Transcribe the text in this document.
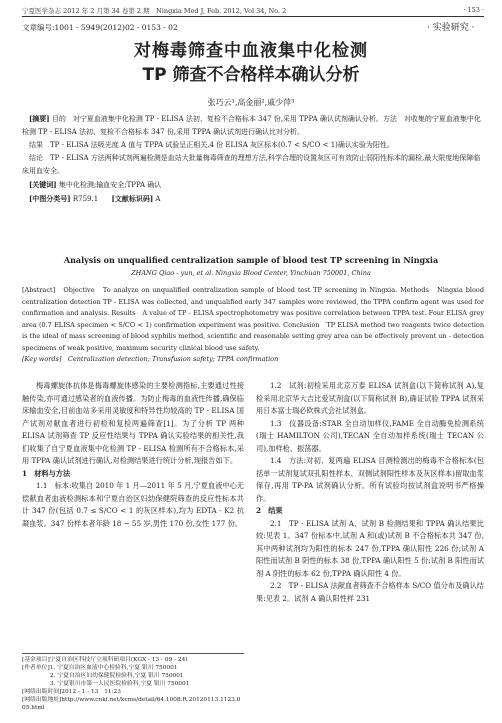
宁夏医学杂志 2012 年 2 月第 34 卷第 2 期　Ningxia Med J, Feb. 2012, Vol 34, No. 2	· 153 ·
文章编号:1001 - 5949(2012)02 - 0153 - 02	· 实验研究 ·
对梅毒筛查中血液集中化检测
TP 筛查不合格样本确认分析
张巧云¹,高金丽²,戚少萍³

[摘要] 目的　对宁夏血液集中化检测 TP - ELISA 法初、复检不合格标本 347 份,采用 TPPA 确认试剂确认分析。方法　对收集的宁夏血液集中化检测 TP - ELISA 法初、复检不合格标本 347 份,采用 TPPA 确认试剂进行确认比对分析。

结果　TP - ELISA 法吸光度 A 值与 TPPA 试验呈正相关,4 份 ELISA 灰区标本(0.7 < S/CO < 1)确认实验为阳性。

结论　TP - ELISA 方法两种试剂两遍检测是血站大批量梅毒筛查的理想方法,科学合理的设置灰区可有效防止弱阳性标本的漏检,最大限度地保障临床用血安全。

[关键词] 集中化检测;输血安全;TPPA 确认

[中图分类号] R759.1 [文献标识码] A

Analysis on unqualified centralization sample of blood test TP screening in Ningxia
ZHANG Qiao - yun, et al. Ningxia Blood Center, Yinchuan 750001, China
[Abstract]　Objective　To analyze on unqualified centralization sample of blood test TP screening in Ningxia. Methods　Ningxia blood centralization detection TP - ELISA was collected, and unqualified early 347 samples were reviewed, the TPPA confirm agent was used for confirmation and analysis. Results　A value of TP - ELISA spectrophotometry was positive correlation between TPPA test. Four ELISA grey area (0.7 ELISA specimen < S/CO < 1) confirmation experiment was positive. Conclusion　TP ELISA method two reagents twice detection is the ideal of mass screening of blood syphilis method, scientific and reasonable setting grey area can be effectively prevent un - detection specimens of weak positive, maximum security clinical blood use safety.
[Key words]　Centralization detection; Transfusion safety; TPPA confirmation

梅毒螺旋体抗体是梅毒螺旋体感染的主要检测指标,主要通过性接触传染,亦可通过感染者的血液传播。为防止梅毒的血液性传播,确保临床输血安全,目前血站多采用灵敏度和特异性均较高的 TP - ELISA 国产试剂对献血者进行初检和复检两遍筛查[1]。为了分析 TP 两种 ELISA 试剂筛查 TP 反应性结果与 TPPA 确认实验结果的相关性,我们收集了自宁夏血液集中化检测 TP - ELISA 检测所有不合格标本,采用 TPPA 确认试剂进行确认,对检测结果进行统计分析,现报告如下。

1　材料与方法

1.1　标本:收集自 2010 年 1 月—2011 年 5 月,宁夏血液中心无偿献血者血液检测标本和宁夏自治区妇幼保健院筛查的反应性标本共计 347 份(包括 0.7 ≤ S/CO < 1 的灰区样本),均为 EDTA - K2 抗凝血浆。347 份样本者年龄 18 ~ 55 岁,男性 170 份,女性 177 份。

[基金项目]宁夏自治区科技厅立项科研项目(KGX - 13 - 09 - 24)
[作者单位]1. 宁夏自治区血液中心检验科,宁夏 银川 750001
2. 宁夏自治区妇幼保健院检验科,宁夏 银川 750001
3. 宁夏银川市第一人民医院检验科,宁夏 银川 750001
[网络出版时间]2012 - 1 - 13　11:23
[网络出版地址]http://www.cnki.net/kcms/detail/64.1008.R.20120113.1123.005.html

1.2　试剂:初检采用北京万泰 ELISA 试剂盒(以下简称试剂 A),复检采用北京华大吉比爱试剂盒(以下简称试剂 B),确证试验 TPPA 试剂采用日本富士瑞必欧株式会社试剂盒。

1.3　仪器设备:STAR 全自动加样仪,FAME 全自动酶免检测系统(瑞士 HAMILTON 公司),TECAN 全自动加样系统(瑞士 TECAN 公司),加样枪、振荡器。

1.4　方法:对初、复两遍 ELISA 目测检测出的梅毒不合格标本(包括单一试剂复试双孔阳性样本、双侧试剂阳性样本及灰区样本)留取血浆保存,再用 TP-PA 试剂确认分析。所有试验均按试剂盒说明书严格操作。

2　结果

2.1　TP - ELISA 试剂 A、试剂 B 检测结果和 TPPA 确认结果比较:见表 1。347 份标本中,试剂 A 和(或)试剂 B 不合格标本共 347 份,其中两种试剂均为阳性的标本 247 份,TPPA 确认阳性 226 份;试剂 A 阳性而试剂 B 阴性的标本 38 份,TPPA 确认阳性 5 份;试剂 B 阳性而试剂 A 阴性的标本 62 份,TPPA 确认阳性 4 份。

2.2　TP - ELISA 法献血者筛查不合格样本 S/CO 值分布及确认结果:见表 2。试剂 A 确认阳性样 231
